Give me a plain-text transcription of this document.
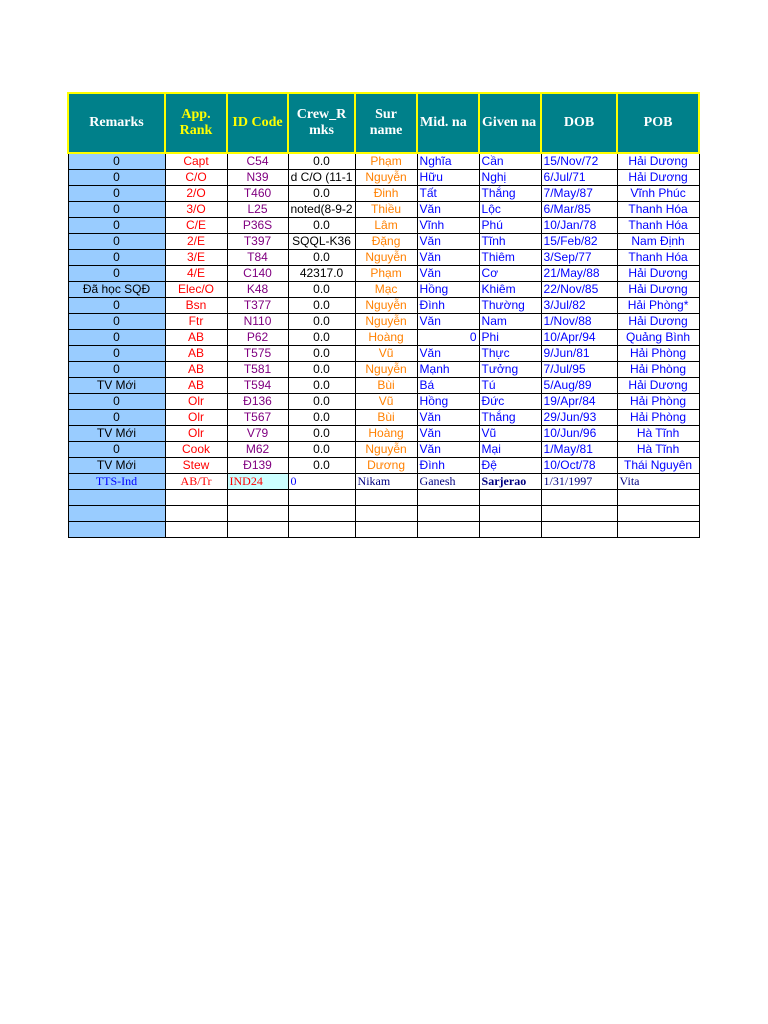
Remarks	App. Rank	ID Code	Crew_R mks	Sur name	Mid. na	Given na	DOB	POB
0	Capt	C54	0.0	Phạm	Nghĩa	Cần	15/Nov/72	Hải Dương
0	C/O	N39	d C/O (11-1	Nguyễn	Hữu	Nghị	6/Jul/71	Hải Dương
0	2/O	T460	0.0	Đinh	Tất	Thắng	7/May/87	Vĩnh Phúc
0	3/O	L25	noted(8-9-2	Thiều	Văn	Lộc	6/Mar/85	Thanh Hóa
0	C/E	P36S	0.0	Lâm	Vĩnh	Phú	10/Jan/78	Thanh Hóa
0	2/E	T397	SQQL-K36	Đặng	Văn	Tĩnh	15/Feb/82	Nam Định
0	3/E	T84	0.0	Nguyễn	Văn	Thiêm	3/Sep/77	Thanh Hóa
0	4/E	C140	42317.0	Phạm	Văn	Cơ	21/May/88	Hải Dương
Đã học SQĐ	Elec/O	K48	0.0	Mạc	Hồng	Khiêm	22/Nov/85	Hải Dương
0	Bsn	T377	0.0	Nguyễn	Đình	Thường	3/Jul/82	Hải Phòng*
0	Ftr	N110	0.0	Nguyễn	Văn	Nam	1/Nov/88	Hải Dương
0	AB	P62	0.0	Hoàng	0	Phi	10/Apr/94	Quảng Bình
0	AB	T575	0.0	Vũ	Văn	Thực	9/Jun/81	Hải Phòng
0	AB	T581	0.0	Nguyễn	Mạnh	Tưởng	7/Jul/95	Hải Phòng
TV Mới	AB	T594	0.0	Bùi	Bá	Tú	5/Aug/89	Hải Dương
0	Olr	Đ136	0.0	Vũ	Hồng	Đức	19/Apr/84	Hải Phòng
0	Olr	T567	0.0	Bùi	Văn	Thắng	29/Jun/93	Hải Phòng
TV Mới	Olr	V79	0.0	Hoàng	Văn	Vũ	10/Jun/96	Hà Tĩnh
0	Cook	M62	0.0	Nguyễn	Văn	Mại	1/May/81	Hà Tĩnh
TV Mới	Stew	Đ139	0.0	Dương	Đình	Đệ	10/Oct/78	Thái Nguyên
TTS-Ind	AB/Tr	IND24	0	Nikam	Ganesh	Sarjerao	1/31/1997	Vita
